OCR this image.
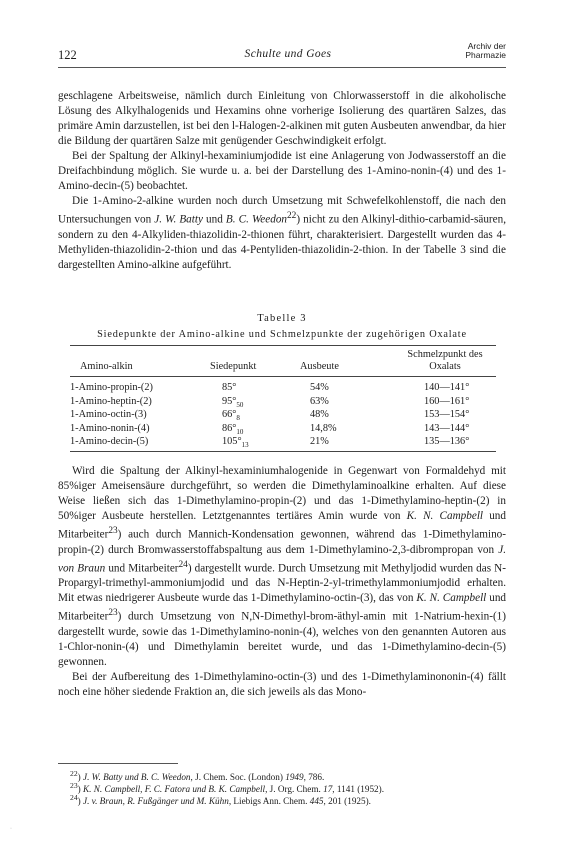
122	Schulte und Goes
Archiv der
Pharmazie

geschlagene Arbeitsweise, nämlich durch Einleitung von Chlorwasserstoff in die alkoholische Lösung des Alkylhalogenids und Hexamins ohne vorherige Isolierung des quartären Salzes, das primäre Amin darzustellen, ist bei den l-Halogen-2-alkinen mit guten Ausbeuten anwendbar, da hier die Bildung der quartären Salze mit genügender Geschwindigkeit erfolgt.

Bei der Spaltung der Alkinyl-hexaminiumjodide ist eine Anlagerung von Jodwasserstoff an die Dreifachbindung möglich. Sie wurde u. a. bei der Darstellung des 1-Amino-nonin-(4) und des 1-Amino-decin-(5) beobachtet.

Die 1-Amino-2-alkine wurden noch durch Umsetzung mit Schwefelkohlenstoff, die nach den Untersuchungen von J. W. Batty und B. C. Weedon$^{22}$) nicht zu den Alkinyl-dithio-carbamid-säuren, sondern zu den 4-Alkyliden-thiazolidin-2-thionen führt, charakterisiert. Dargestellt wurden das 4-Methyliden-thiazolidin-2-thion und das 4-Pentyliden-thiazolidin-2-thion. In der Tabelle 3 sind die dargestellten Amino-alkine aufgeführt.

Tabelle 3
Siedepunkte der Amino-alkine und Schmelzpunkte der zugehörigen Oxalate
Amino-alkin	Siedepunkt	Ausbeute
Schmelzpunkt des
Oxalats
1-Amino-propin-(2)	85°	54%	140—141°
1-Amino-heptin-(2)	$95^\circ_{50}$	63%	160—161°
1-Amino-octin-(3)	$66^\circ_8$	48%	153—154°
1-Amino-nonin-(4)	$86^\circ_{10}$	14,8%	143—144°
1-Amino-decin-(5)	$105^\circ_{13}$	21%	135—136°

Wird die Spaltung der Alkinyl-hexaminiumhalogenide in Gegenwart von Formaldehyd mit 85%iger Ameisensäure durchgeführt, so werden die Dimethylaminoalkine erhalten. Auf diese Weise ließen sich das 1-Dimethylamino-propin-(2) und das 1-Dimethylamino-heptin-(2) in 50%iger Ausbeute herstellen. Letztgenanntes tertiäres Amin wurde von K. N. Campbell und Mitarbeiter$^{23}$) auch durch Mannich-Kondensation gewonnen, während das 1-Dimethylamino-propin-(2) durch Bromwasserstoffabspaltung aus dem 1-Dimethylamino-2,3-dibrompropan von J. von Braun und Mitarbeiter$^{24}$) dargestellt wurde. Durch Umsetzung mit Methyljodid wurden das N-Propargyl-trimethyl-ammoniumjodid und das N-Heptin-2-yl-trimethylammoniumjodid erhalten. Mit etwas niedrigerer Ausbeute wurde das 1-Dimethylamino-octin-(3), das von K. N. Campbell und Mitarbeiter$^{23}$) durch Umsetzung von N,N-Dimethyl-brom-äthyl-amin mit 1-Natrium-hexin-(1) dargestellt wurde, sowie das 1-Dimethylamino-nonin-(4), welches von den genannten Autoren aus 1-Chlor-nonin-(4) und Dimethylamin bereitet wurde, und das 1-Dimethylamino-decin-(5) gewonnen.

Bei der Aufbereitung des 1-Dimethylamino-octin-(3) und des 1-Dimethylaminononin-(4) fällt noch eine höher siedende Fraktion an, die sich jeweils als das Mono-

$^{22}$) J. W. Batty und B. C. Weedon, J. Chem. Soc. (London) 1949, 786.
$^{23}$) K. N. Campbell, F. C. Fatora und B. K. Campbell, J. Org. Chem. 17, 1141 (1952).
$^{24}$) J. v. Braun, R. Fußgänger und M. Kühn, Liebigs Ann. Chem. 445, 201 (1925).
·
